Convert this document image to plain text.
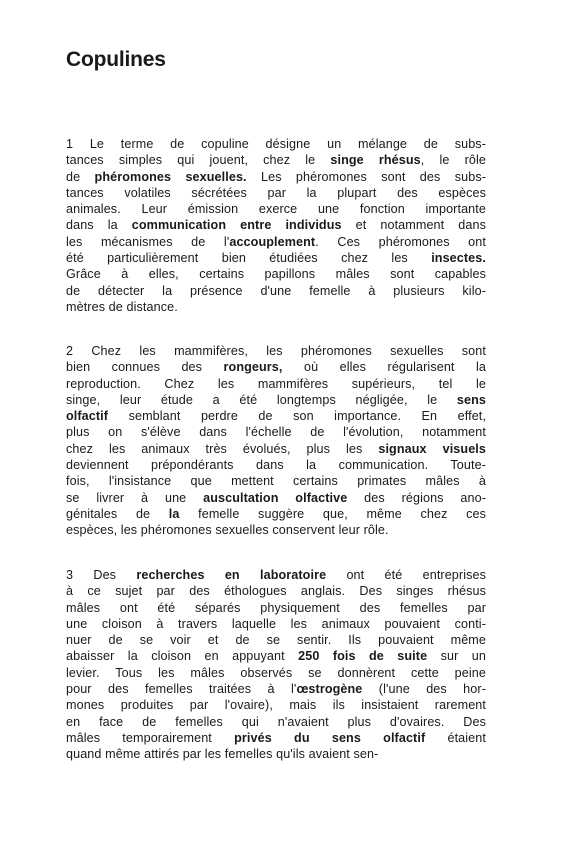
Copulines
1 Le terme de copuline désigne un mélange de subs-
tances simples qui jouent, chez le singe rhésus, le rôle
de phéromones sexuelles. Les phéromones sont des subs-
tances volatiles sécrétées par la plupart des espèces
animales. Leur émission exerce une fonction importante
dans la communication entre individus et notamment dans
les mécanismes de l'accouplement. Ces phéromones ont
été particulièrement bien étudiées chez les insectes.
Grâce à elles, certains papillons mâles sont capables
de détecter la présence d'une femelle à plusieurs kilo-
mètres de distance.
2 Chez les mammifères, les phéromones sexuelles sont
bien connues des rongeurs, où elles régularisent la
reproduction. Chez les mammifères supérieurs, tel le
singe, leur étude a été longtemps négligée, le sens
olfactif semblant perdre de son importance. En effet,
plus on s'élève dans l'échelle de l'évolution, notamment
chez les animaux très évolués, plus les signaux visuels
deviennent prépondérants dans la communication. Toute-
fois, l'insistance que mettent certains primates mâles à
se livrer à une auscultation olfactive des régions ano-
génitales de la femelle suggère que, même chez ces
espèces, les phéromones sexuelles conservent leur rôle.
3 Des recherches en laboratoire ont été entreprises
à ce sujet par des éthologues anglais. Des singes rhésus
mâles ont été séparés physiquement des femelles par
une cloison à travers laquelle les animaux pouvaient conti-
nuer de se voir et de se sentir. Ils pouvaient même
abaisser la cloison en appuyant 250 fois de suite sur un
levier. Tous les mâles observés se donnèrent cette peine
pour des femelles traitées à l'œstrogène (l'une des hor-
mones produites par l'ovaire), mais ils insistaient rarement
en face de femelles qui n'avaient plus d'ovaires. Des
mâles temporairement privés du sens olfactif étaient
quand même attirés par les femelles qu'ils avaient sen-
